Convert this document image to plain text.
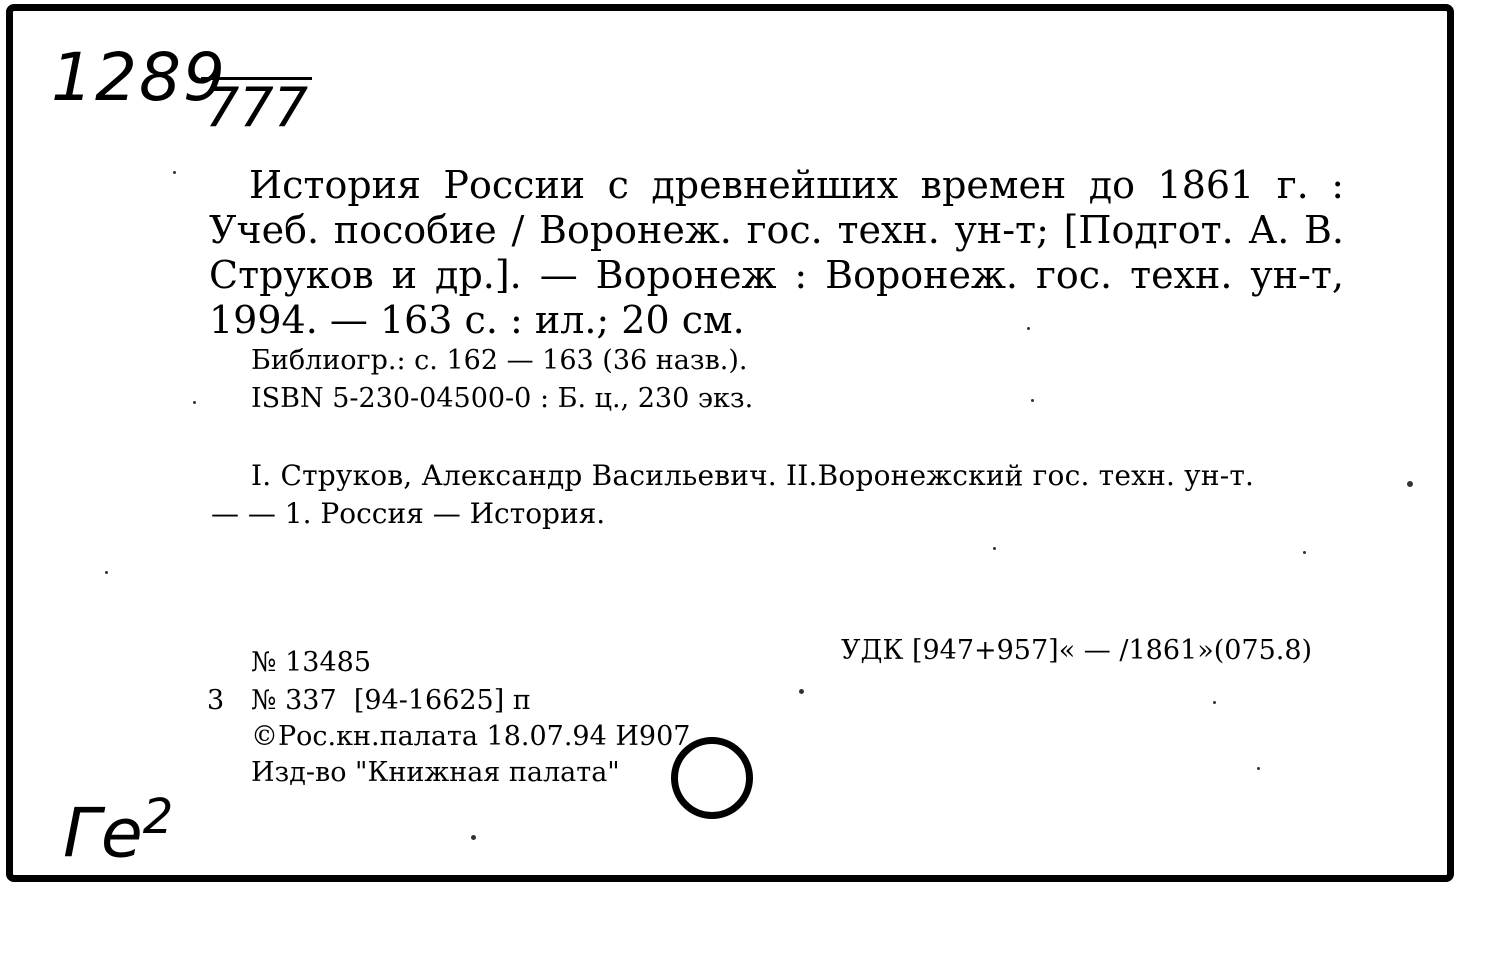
1289
777
История России с древнейших времен до 1861 г. :
Учеб. пособие / Воронеж. гос. техн. ун-т; [Подгот. А. В.
Струков и др.]. — Воронеж : Воронеж. гос. техн. ун-т,
1994. — 163 с. : ил.; 20 см.
Библиогр.: с. 162 — 163 (36 назв.).
ISBN 5-230-04500-0 : Б. ц., 230 экз.
I. Струков, Александр Васильевич. II.Воронежский гос. техн. ун-т.
— — 1. Россия — История.
№ 13485	УДК [947+957]« — /1861»(075.8)
3 № 337  [94-16625] п
©Рос.кн.палата 18.07.94 И907
Изд-во "Книжная палата"
$Ге^2$
